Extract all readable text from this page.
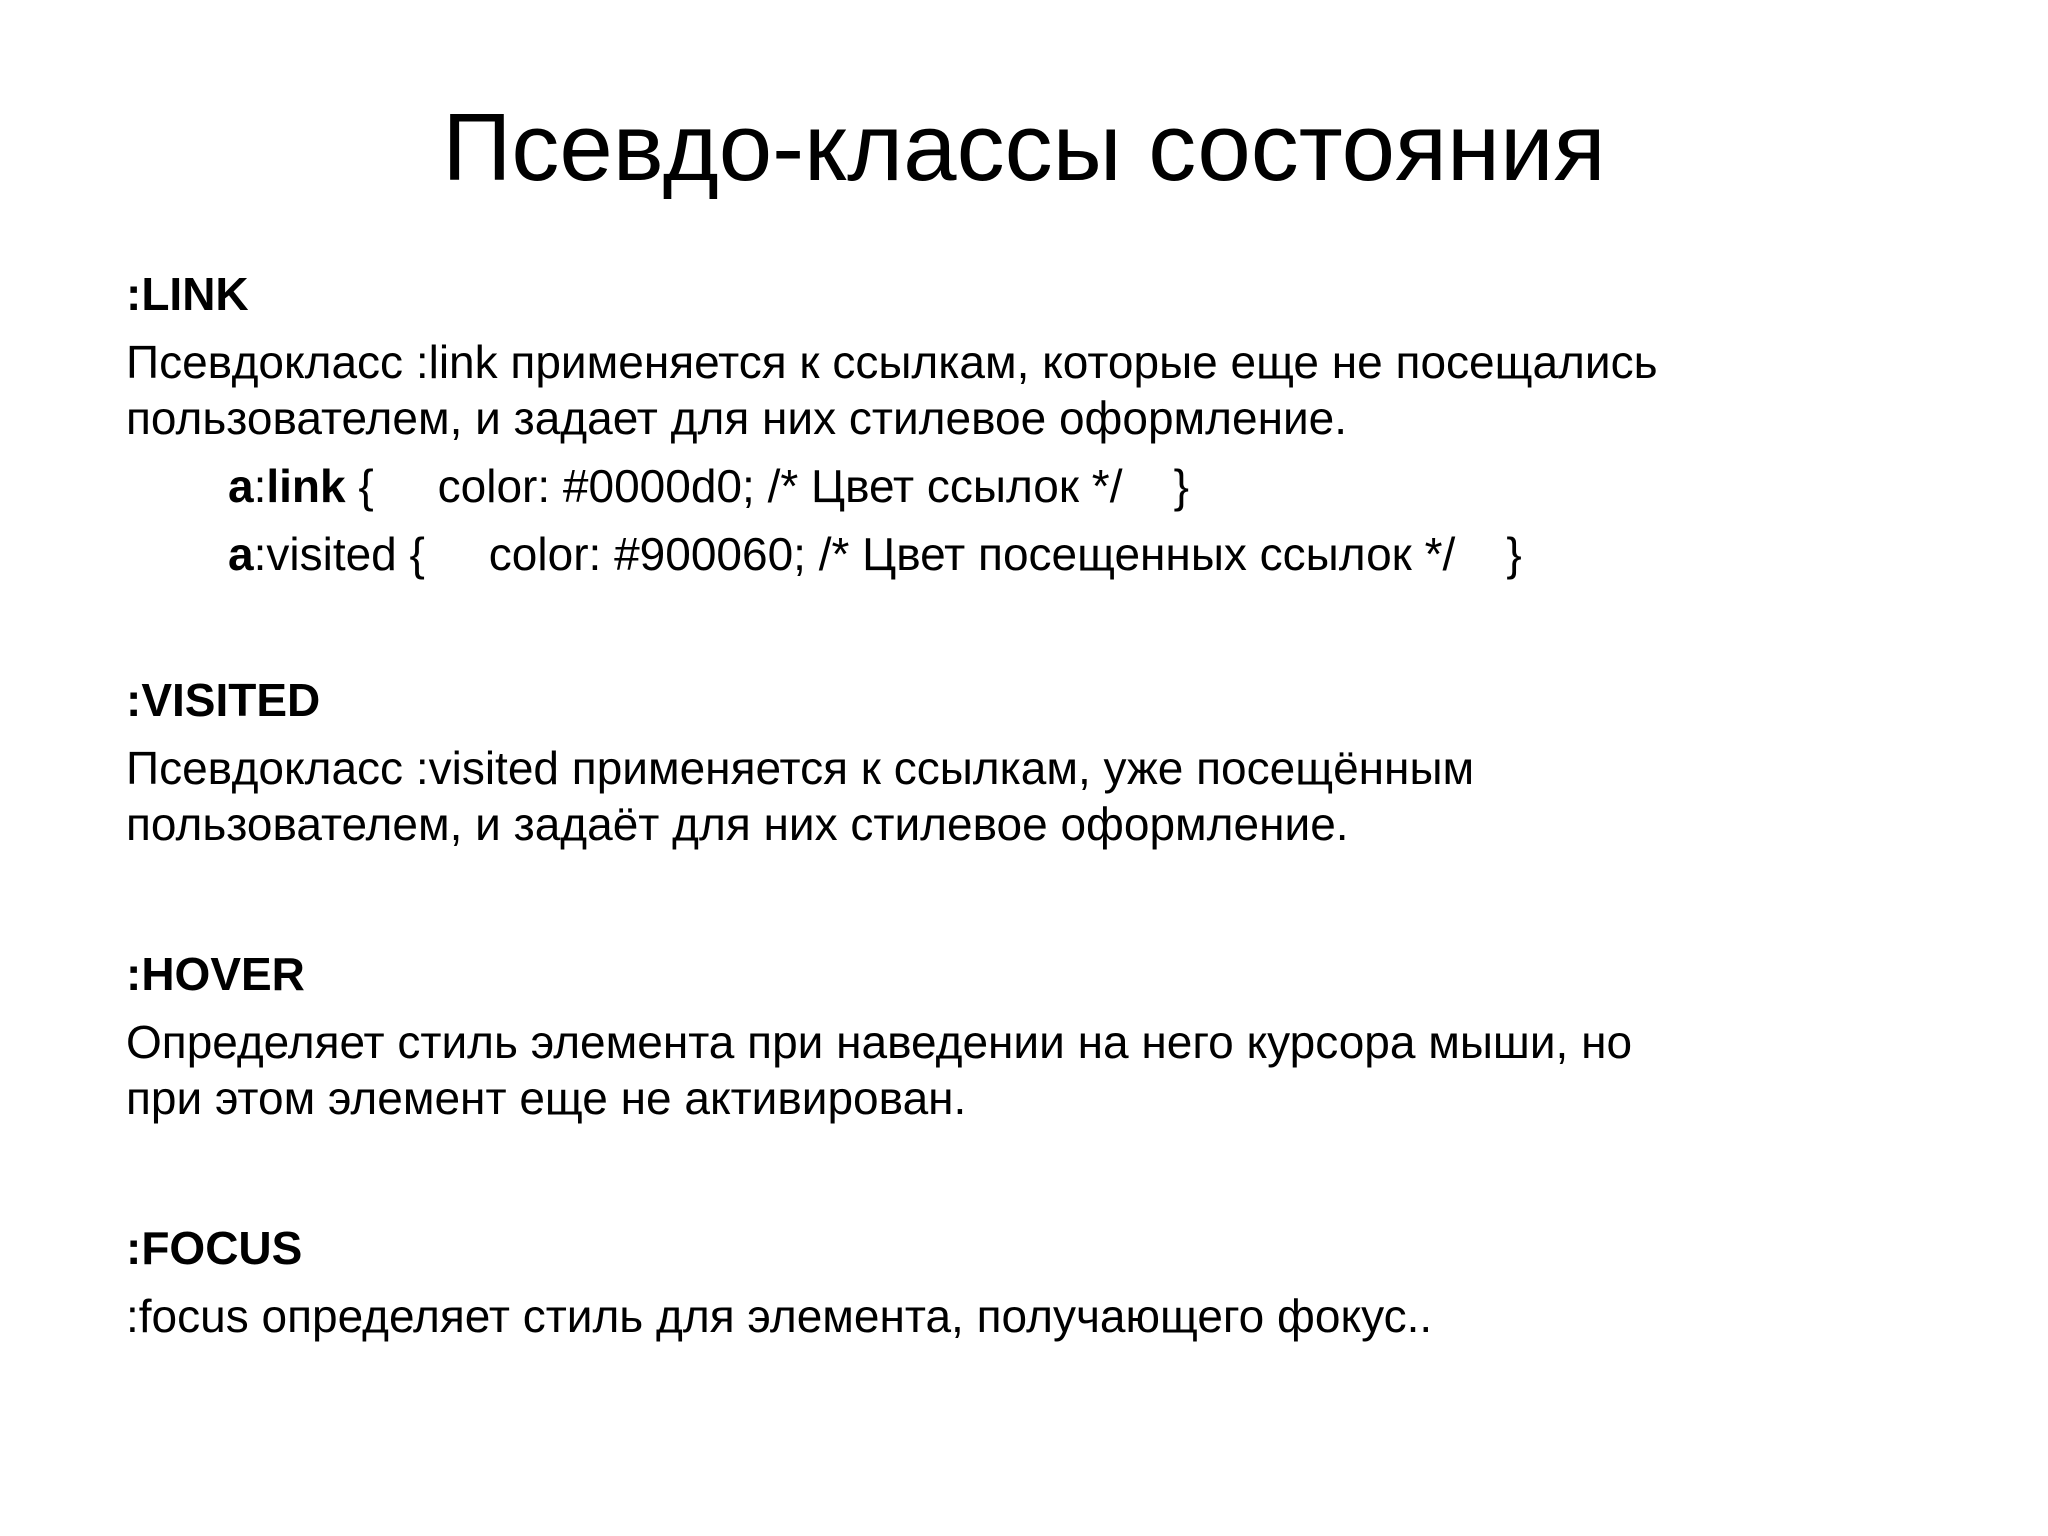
Псевдо-классы состояния
:LINK

Псевдокласс :link применяется к ссылкам, которые еще не посещались

пользователем, и задает для них стилевое оформление.

a:link {     color: #0000d0; /* Цвет ссылок */    }
a:visited {     color: #900060; /* Цвет посещенных ссылок */    }
:VISITED

Псевдокласс :visited применяется к ссылкам, уже посещённым

пользователем, и задаёт для них стилевое оформление.

:HOVER

Определяет стиль элемента при наведении на него курсора мыши, но

при этом элемент еще не активирован.

:FOCUS

:focus определяет стиль для элемента, получающего фокус..
